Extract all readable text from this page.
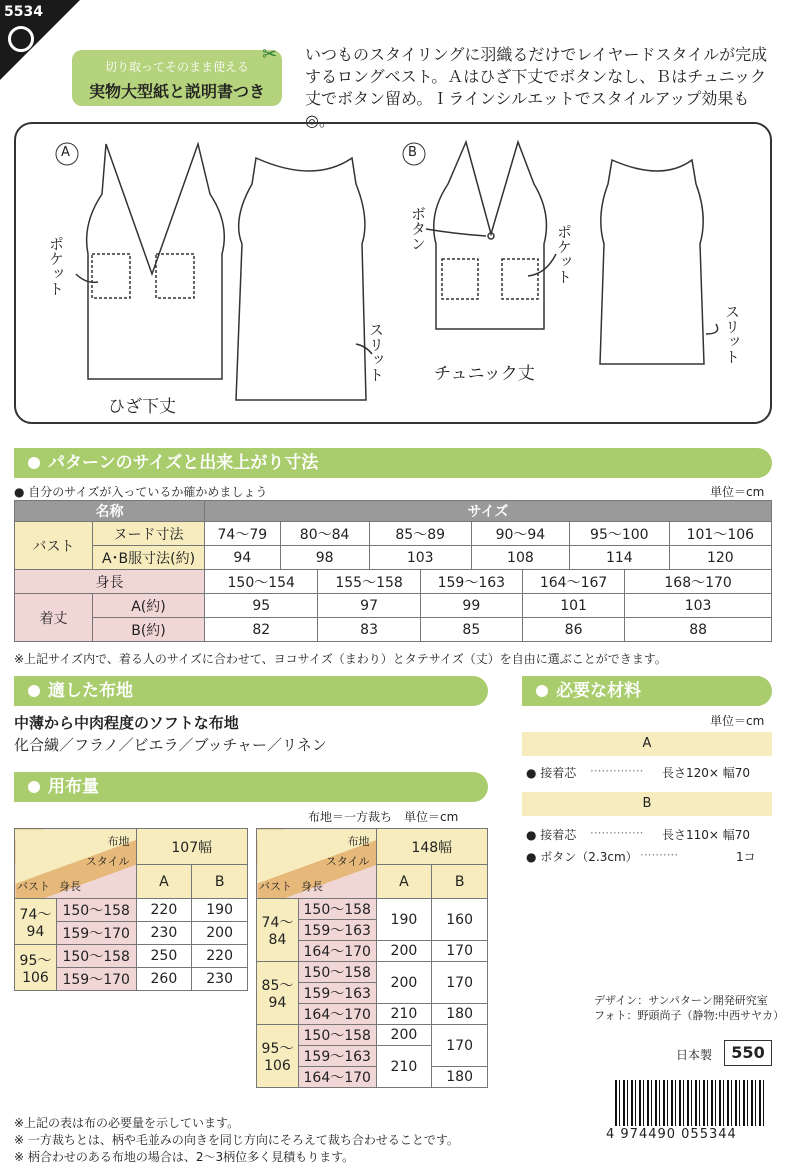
5534
切り取ってそのまま使える
実物大型紙と説明書つき
✂ いつものスタイリングに羽織るだけでレイヤードスタイルが完成
するロングベスト。Ａはひざ下丈でボタンなし、Ｂはチュニック
丈でボタン留め。Ｉラインシルエットでスタイルアップ効果も◎。
A	B
ポケット
スリット
ボタン	ポケット
スリット
ひざ下丈
チュニック丈
パターンのサイズと出来上がり寸法
● 自分のサイズが入っているか確かめましょう	単位＝cm
名称		サイズ									
バスト	ヌード寸法	74〜79	80〜84		85〜89		90〜94		95〜100		101〜106
	A･B服寸法(約)	94	98		103		108		114		120
身長		150〜154		155〜158		159〜163		164〜167		168〜170	
着丈	A(約)	95		97		99		101		103	
	B(約)	82		83		85		86		88	
※上記サイズ内で、着る人のサイズに合わせて、ヨコサイズ（まわり）とタテサイズ（丈）を自由に選ぶことができます。
適した布地
中薄から中肉程度のソフトな布地
化合繊／フラノ／ビエラ／ブッチャー／リネン
必要な材料
単位＝cm
A
● 接着芯 ·············· 長さ120× 幅70
B
● 接着芯 ·············· 長さ110× 幅70
● ボタン（2.3cm） ··········	1コ
用布量
布地＝一方裁ち　単位＝cm
布地
スタイル
バスト 身長		107幅	
		A	B
74〜94	150〜158	220	190
	159〜170	230	200
95〜106	150〜158	250	220
	159〜170	260	230
布地
スタイル
バスト 身長		148幅	
		A	B
74〜84	150〜158	190	160
	159〜163		
	164〜170	200	170
85〜94	150〜158	200	170
	159〜163		
	164〜170	210	180
95〜106	150〜158	200	170
	159〜163	210	
	164〜170		180
※上記の表は布の必要量を示しています。
※ 一方裁ちとは、柄や毛並みの向きを同じ方向にそろえて裁ち合わせることです。
※ 柄合わせのある布地の場合は、2〜3柄位多く見積もります。
デザイン：サンパターン開発研究室
フォト：野頭尚子（静物:中西サヤカ）
日本製	550
4 974490 055344
